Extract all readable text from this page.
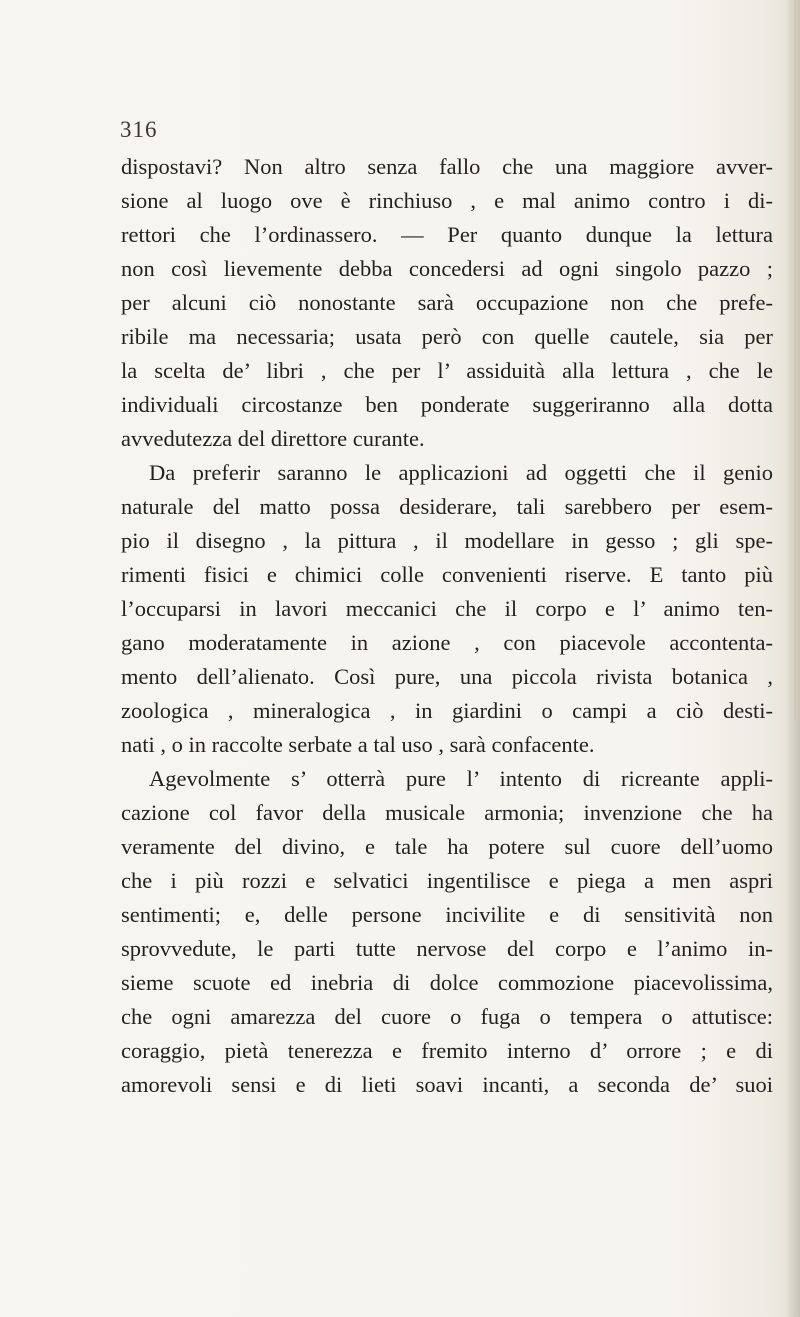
316
dispostavi? Non altro senza fallo che una maggiore avver-
sione al luogo ove è rinchiuso , e mal animo contro i di-
rettori che l’ordinassero. — Per quanto dunque la lettura
non così lievemente debba concedersi ad ogni singolo pazzo ;
per alcuni ciò nonostante sarà occupazione non che prefe-
ribile ma necessaria; usata però con quelle cautele, sia per
la scelta de’ libri , che per l’ assiduità alla lettura , che le
individuali circostanze ben ponderate suggeriranno alla dotta
avvedutezza del direttore curante.
Da preferir saranno le applicazioni ad oggetti che il genio
naturale del matto possa desiderare, tali sarebbero per esem-
pio il disegno , la pittura , il modellare in gesso ; gli spe-
rimenti fisici e chimici colle convenienti riserve. E tanto più
l’occuparsi in lavori meccanici che il corpo e l’ animo ten-
gano moderatamente in azione , con piacevole accontenta-
mento dell’alienato. Così pure, una piccola rivista botanica ,
zoologica , mineralogica , in giardini o campi a ciò desti-
nati , o in raccolte serbate a tal uso , sarà confacente.
Agevolmente s’ otterrà pure l’ intento di ricreante appli-
cazione col favor della musicale armonia; invenzione che ha
veramente del divino, e tale ha potere sul cuore dell’uomo
che i più rozzi e selvatici ingentilisce e piega a men aspri
sentimenti; e, delle persone incivilite e di sensitività non
sprovvedute, le parti tutte nervose del corpo e l’animo in-
sieme scuote ed inebria di dolce commozione piacevolissima,
che ogni amarezza del cuore o fuga o tempera o attutisce:
coraggio, pietà tenerezza e fremito interno d’ orrore ; e di
amorevoli sensi e di lieti soavi incanti, a seconda de’ suoi
